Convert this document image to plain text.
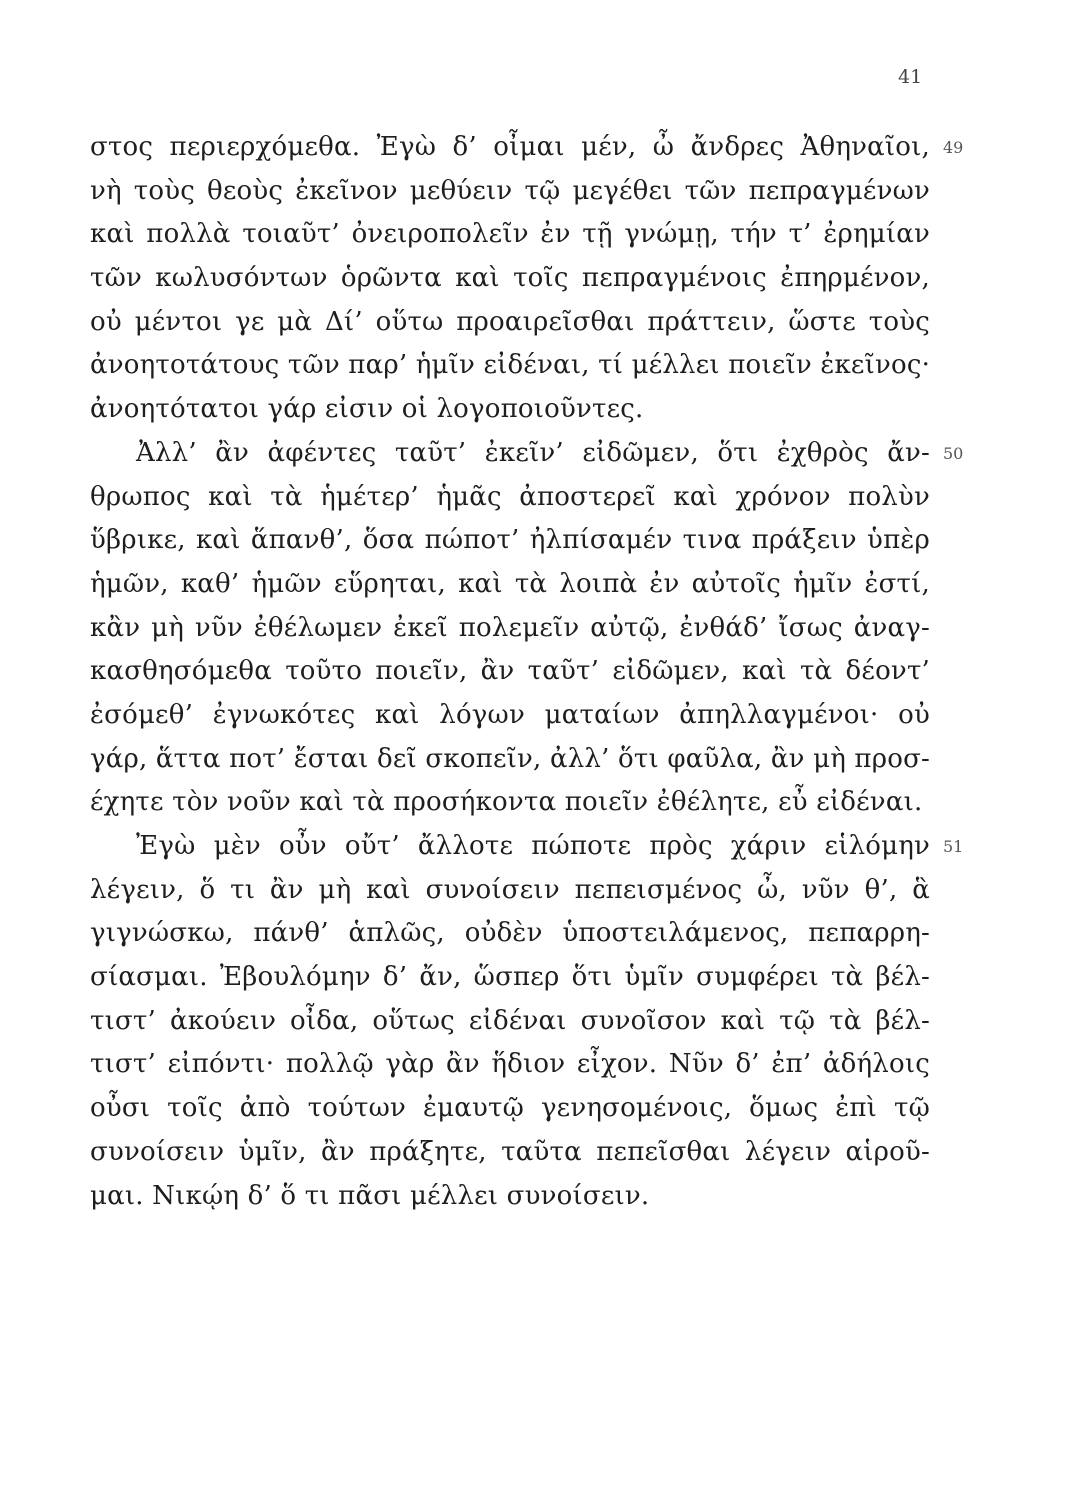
41
στος περιερχόμεθα. Ἐγὼ δ’ οἶμαι μέν, ὦ ἄνδρες Ἀθηναῖοι,
νὴ τοὺς θεοὺς ἐκεῖνον μεθύειν τῷ μεγέθει τῶν πεπραγμένων
καὶ πολλὰ τοιαῦτ’ ὀνειροπολεῖν ἐν τῇ γνώμῃ, τήν τ’ ἐρημίαν
τῶν κωλυσόντων ὁρῶντα καὶ τοῖς πεπραγμένοις ἐπηρμένον,
οὐ μέντοι γε μὰ Δί’ οὕτω προαιρεῖσθαι πράττειν, ὥστε τοὺς
ἀνοητοτάτους τῶν παρ’ ἡμῖν εἰδέναι, τί μέλλει ποιεῖν ἐκεῖνος·
ἀνοητότατοι γάρ εἰσιν οἱ λογοποιοῦντες.
Ἀλλ’ ἂν ἀφέντες ταῦτ’ ἐκεῖν’ εἰδῶμεν, ὅτι ἐχθρὸς ἄν-
θρωπος καὶ τὰ ἡμέτερ’ ἡμᾶς ἀποστερεῖ καὶ χρόνον πολὺν
ὕβρικε, καὶ ἅπανθ’, ὅσα πώποτ’ ἠλπίσαμέν τινα πράξειν ὑπὲρ
ἡμῶν, καθ’ ἡμῶν εὕρηται, καὶ τὰ λοιπὰ ἐν αὐτοῖς ἡμῖν ἐστί,
κἂν μὴ νῦν ἐθέλωμεν ἐκεῖ πολεμεῖν αὐτῷ, ἐνθάδ’ ἴσως ἀναγ-
κασθησόμεθα τοῦτο ποιεῖν, ἂν ταῦτ’ εἰδῶμεν, καὶ τὰ δέοντ’
ἐσόμεθ’ ἐγνωκότες καὶ λόγων ματαίων ἀπηλλαγμένοι· οὐ
γάρ, ἅττα ποτ’ ἔσται δεῖ σκοπεῖν, ἀλλ’ ὅτι φαῦλα, ἂν μὴ προσ-
έχητε τὸν νοῦν καὶ τὰ προσήκοντα ποιεῖν ἐθέλητε, εὖ εἰδέναι.
Ἐγὼ μὲν οὖν οὔτ’ ἄλλοτε πώποτε πρὸς χάριν εἱλόμην
λέγειν, ὅ τι ἂν μὴ καὶ συνοίσειν πεπεισμένος ὦ, νῦν θ’, ἃ
γιγνώσκω, πάνθ’ ἁπλῶς, οὐδὲν ὑποστειλάμενος, πεπαρρη-
σίασμαι. Ἐβουλόμην δ’ ἄν, ὥσπερ ὅτι ὑμῖν συμφέρει τὰ βέλ-
τιστ’ ἀκούειν οἶδα, οὕτως εἰδέναι συνοῖσον καὶ τῷ τὰ βέλ-
τιστ’ εἰπόντι· πολλῷ γὰρ ἂν ἥδιον εἶχον. Νῦν δ’ ἐπ’ ἀδήλοις
οὖσι τοῖς ἀπὸ τούτων ἐμαυτῷ γενησομένοις, ὅμως ἐπὶ τῷ
συνοίσειν ὑμῖν, ἂν πράξητε, ταῦτα πεπεῖσθαι λέγειν αἱροῦ-
μαι. Νικῴη δ’ ὅ τι πᾶσι μέλλει συνοίσειν.
49
50
51
